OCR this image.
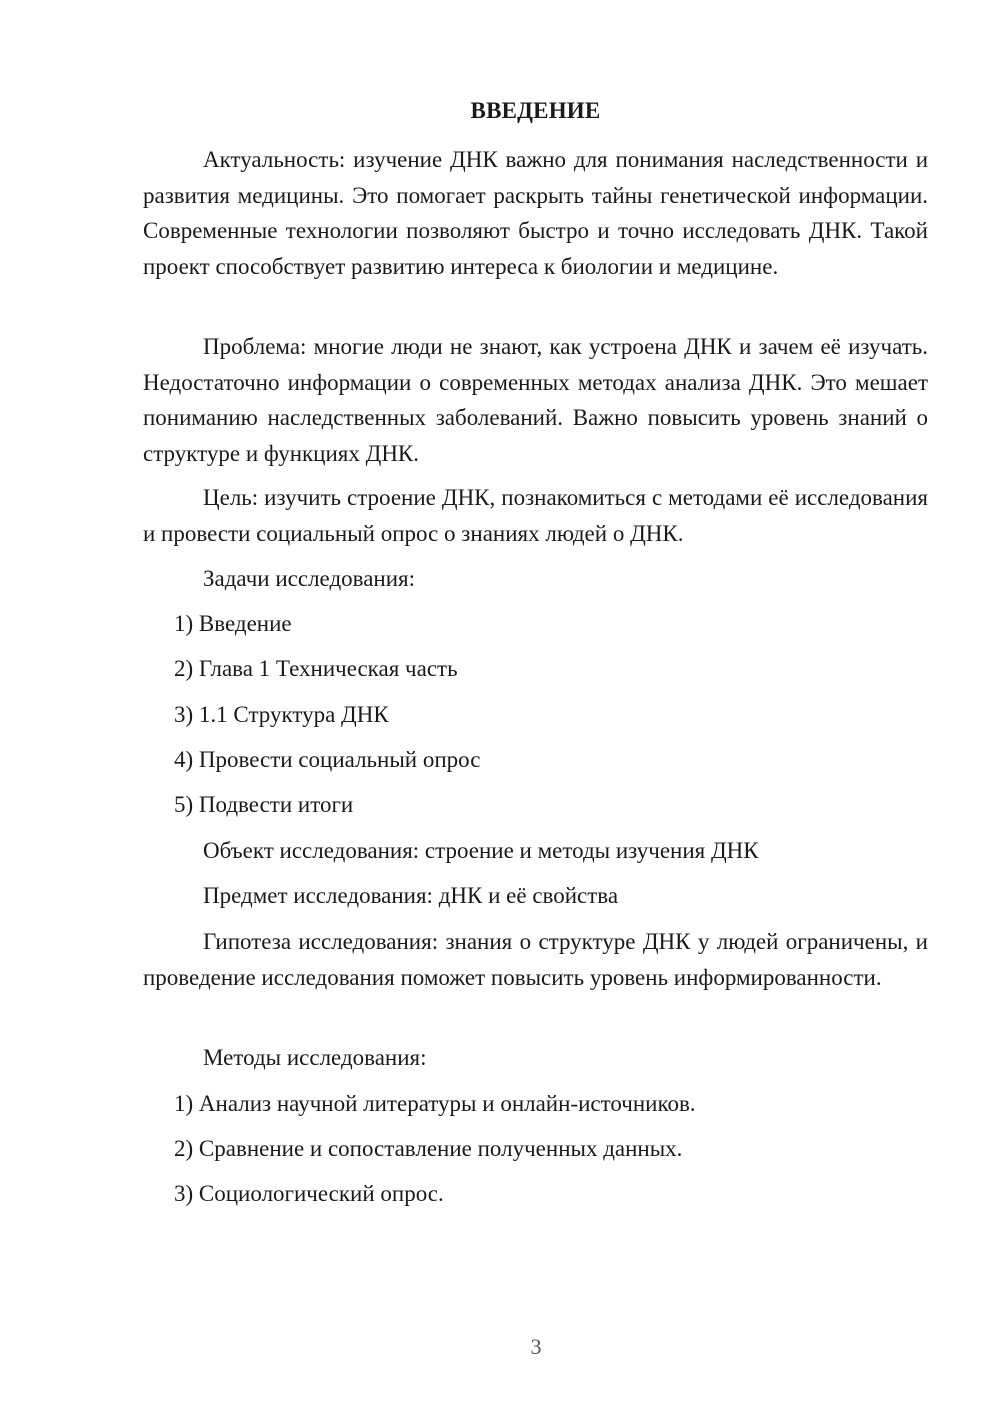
ВВЕДЕНИЕ

Актуальность: изучение ДНК важно для понимания наследственности и развития медицины. Это помогает раскрыть тайны генетической информации. Современные технологии позволяют быстро и точно исследовать ДНК. Такой проект способствует развитию интереса к биологии и медицине.

Проблема: многие люди не знают, как устроена ДНК и зачем её изучать. Недостаточно информации о современных методах анализа ДНК. Это мешает пониманию наследственных заболеваний. Важно повысить уровень знаний о структуре и функциях ДНК.

Цель: изучить строение ДНК, познакомиться с методами её исследования и провести социальный опрос о знаниях людей о ДНК.

Задачи исследования:

1) Введение

2) Глава 1 Техническая часть

3) 1.1 Структура ДНК

4) Провести социальный опрос

5) Подвести итоги

Объект исследования: строение и методы изучения ДНК

Предмет исследования: дНК и её свойства

Гипотеза исследования: знания о структуре ДНК у людей ограничены, и проведение исследования поможет повысить уровень информированности.

Методы исследования:

1) Анализ научной литературы и онлайн-источников.

2) Сравнение и сопоставление полученных данных.

3) Социологический опрос.

3
